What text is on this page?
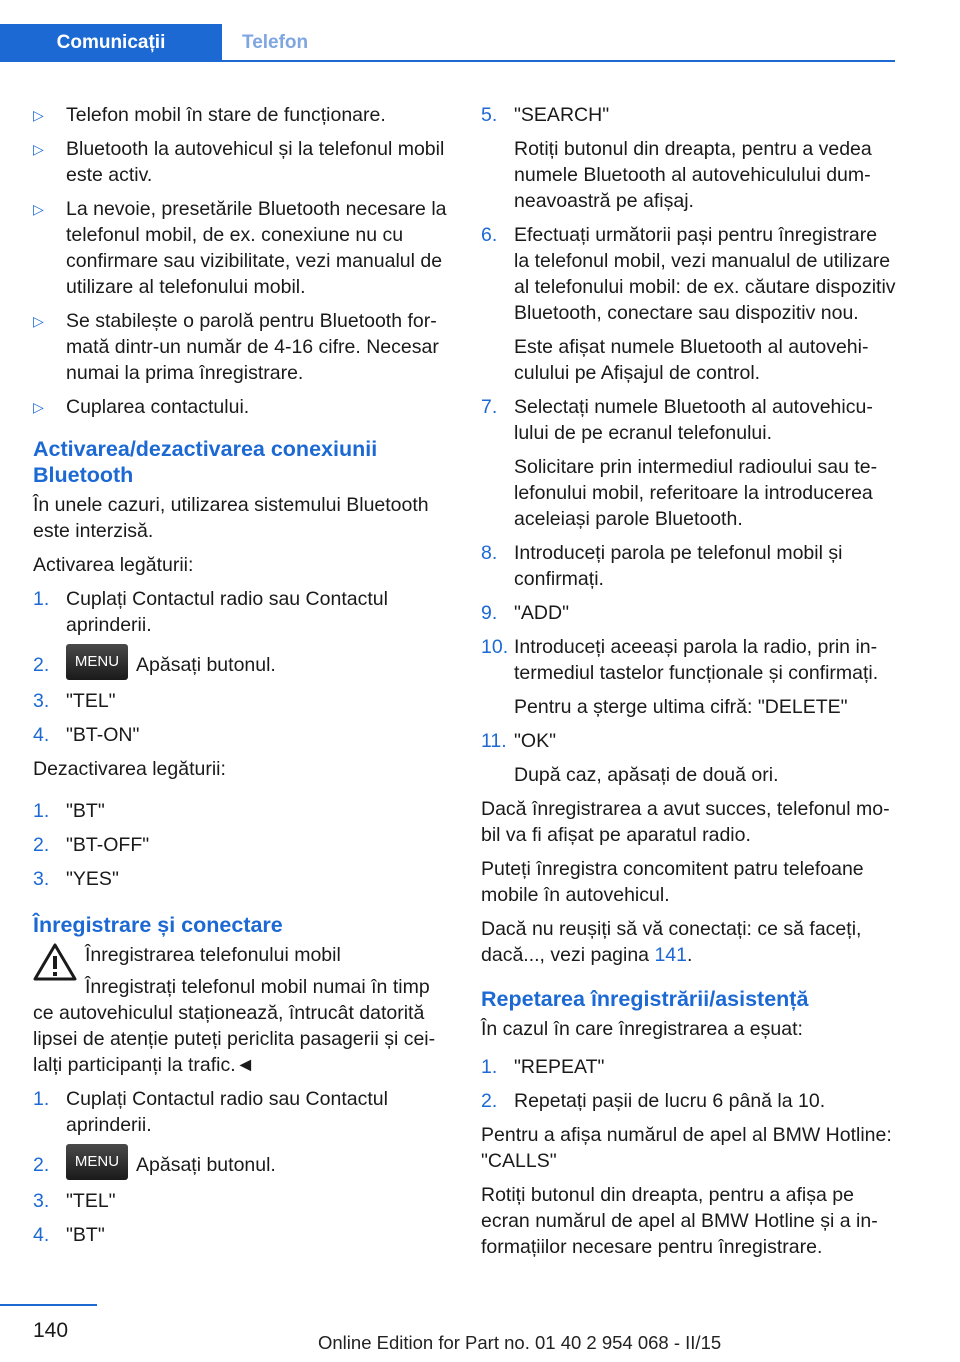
Comunicații	Telefon
▷	Telefon mobil în stare de funcționare.
▷	Bluetooth la autovehicul și la telefonul mobil este activ.
▷	La nevoie, presetările Bluetooth necesare la telefonul mobil, de ex. conexiune nu cu confirmare sau vizibilitate, vezi manualul de utilizare al telefonului mobil.
▷	Se stabilește o parolă pentru Bluetooth formată dintr-un număr de 4-16 cifre. Necesar numai la prima înregistrare.
▷	Cuplarea contactului.
Activarea/dezactivarea conexiunii Bluetooth

În unele cazuri, utilizarea sistemului Bluetooth este interzisă.

Activarea legăturii:

1. Cuplați Contactul radio sau Contactul aprinderii.
2.	MENU Apăsați butonul.
3. "TEL"
4. "BT-ON"

Dezactivarea legăturii:

1. "BT"
2. "BT-OFF"
3. "YES"
Înregistrare și conectare
Înregistrarea telefonului mobil
Înregistrați telefonul mobil numai în timp ce autovehiculul staționează, întrucât datorită lipsei de atenție puteți periclita pasagerii și ceilalți participanți la trafic.◄
1. Cuplați Contactul radio sau Contactul aprinderii.
2.	MENU Apăsați butonul.
3. "TEL"
4. "BT"
5. "SEARCH"

Rotiți butonul din dreapta, pentru a vedea numele Bluetooth al autovehiculului dumneavoastră pe afișaj.

6. Efectuați următorii pași pentru înregistrare la telefonul mobil, vezi manualul de utilizare al telefonului mobil: de ex. căutare dispozitiv Bluetooth, conectare sau dispozitiv nou.

Este afișat numele Bluetooth al autovehiculului pe Afișajul de control.

7. Selectați numele Bluetooth al autovehiculului de pe ecranul telefonului.

Solicitare prin intermediul radioului sau telefonului mobil, referitoare la introducerea aceleiași parole Bluetooth.

8. Introduceți parola pe telefonul mobil și confirmați.
9. "ADD"
10. Introduceți aceeași parola la radio, prin intermediul tastelor funcționale și confirmați.

Pentru a șterge ultima cifră: "DELETE"

11. "OK"

După caz, apăsați de două ori.

Dacă înregistrarea a avut succes, telefonul mobil va fi afișat pe aparatul radio.

Puteți înregistra concomitent patru telefoane mobile în autovehicul.

Dacă nu reușiți să vă conectați: ce să faceți, dacă..., vezi pagina 141.

Repetarea înregistrării/asistență

În cazul în care înregistrarea a eșuat:

1. "REPEAT"
2. Repetați pașii de lucru 6 până la 10.

Pentru a afișa numărul de apel al BMW Hotline: "CALLS"

Rotiți butonul din dreapta, pentru a afișa pe ecran numărul de apel al BMW Hotline și a informațiilor necesare pentru înregistrare.

140
Online Edition for Part no. 01 40 2 954 068 - II/15
